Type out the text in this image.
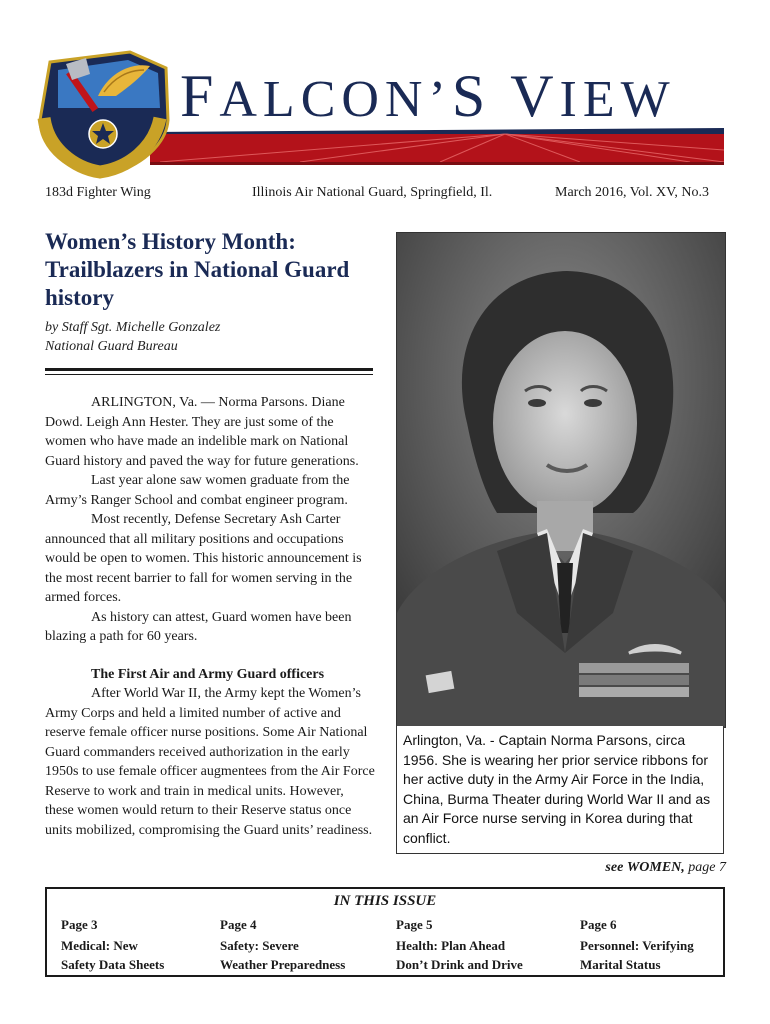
FALCON’S VIEW
183d Fighter Wing	Illinois Air National Guard, Springfield, Il.	March 2016, Vol. XV, No.3
Women’s History Month: Trailblazers in National Guard history
by Staff Sgt. Michelle Gonzalez
National Guard Bureau

ARLINGTON, Va. — Norma Parsons. Diane Dowd. Leigh Ann Hester. They are just some of the women who have made an indelible mark on National Guard history and paved the way for future generations.

Last year alone saw women graduate from the Army’s Ranger School and combat engineer program.

Most recently, Defense Secretary Ash Carter announced that all military positions and occupations would be open to women. This historic announcement is the most recent barrier to fall for women serving in the armed forces.

As history can attest, Guard women have been blazing a path for 60 years.

The First Air and Army Guard officers

After World War II, the Army kept the Women’s Army Corps and held a limited number of active and reserve female officer nurse positions. Some Air National Guard commanders received authorization in the early 1950s to use female officer augmentees from the Air Force Reserve to work and train in medical units. However, these women would return to their Reserve status once units mobilized, compromising the Guard units’ readiness.

Arlington, Va. - Captain Norma Parsons, circa 1956. She is wearing her prior service ribbons for her active duty in the Army Air Force in the India, China, Burma Theater during World War II and as an Air Force nurse serving in Korea during that conflict.
see WOMEN, page 7
IN THIS ISSUE
Page 3
Medical: New
Safety Data Sheets
Page 4
Safety: Severe
Weather Preparedness
Page 5
Health: Plan Ahead
Don’t Drink and Drive
Page 6
Personnel: Verifying
Marital Status
